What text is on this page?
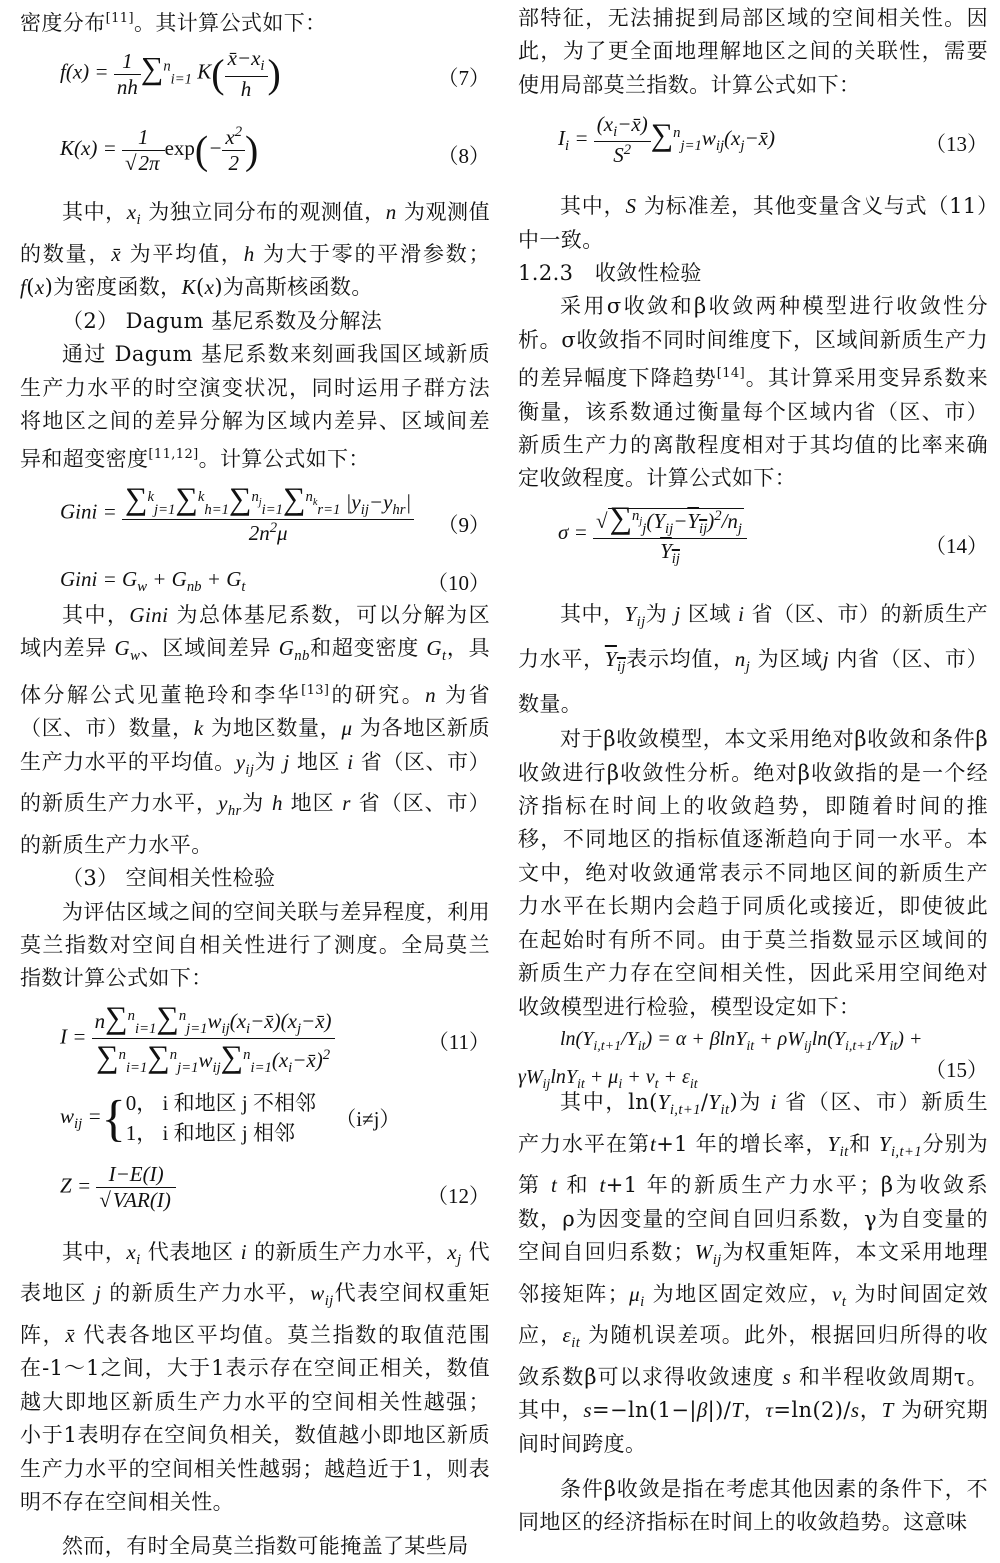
密度分布[11]。其计算公式如下：

$f(x) = \frac{1}{nh} \sum^n_{i=1}$ $K( \frac{x̄-x_i}{h}$ )	（7）
$K(x) = \frac{1}{√2\pi} \exp(- \frac{x^2}{2}$ )	（8）

其中，$x_i$ 为独立同分布的观测值，n 为观测值的数量，x̄ 为平均值，h 为大于零的平滑参数；f(x)为密度函数，K(x)为高斯核函数。

（2） Dagum 基尼系数及分解法

通过 Dagum 基尼系数来刻画我国区域新质生产力水平的时空演变状况，同时运用子群方法将地区之间的差异分解为区域内差异、区域间差异和超变密度[11,12]。计算公式如下：

Gini = $\frac{\sum^k_{j=1}\sum^k_{h=1}\sum^{n_j}_{i=1}\sum^{n_k}_{r=1} |y_{ij}-y_{hr}|}{2n^2\mu} (9)$
Gini = $G_w + G_{nb} + G_t$	（10）

其中，Gini 为总体基尼系数，可以分解为区域内差异 $G_w$、区域间差异 $G_{nb}$和超变密度 $G_t$，具体分解公式见董艳玲和李华[13]的研究。n 为省（区、市）数量，k 为地区数量，μ 为各地区新质生产力水平的平均值。$y_{ij}$为 j 地区 i 省（区、市）的新质生产力水平，$y_{hr}$为 h 地区 r 省（区、市）的新质生产力水平。

（3） 空间相关性检验

为评估区域之间的空间关联与差异程度，利用莫兰指数对空间自相关性进行了测度。全局莫兰指数计算公式如下：

$I = \frac{n\sum^n_{i=1}\sum^n_{j=1}w_{ij}(x_i-x̄)(x_j-x̄)}{\sum^n_{i=1}\sum^n_{j=1}w_{ij}\sum^n_{i=1}(x_i-x̄)^2}$	（11）
$w_{ij}$ ={ 0， i 和地区 j 不相邻
1， i 和地区 j 相邻
（i≠j）
$Z = \frac{I-E(I)}{\text{√VAR(I)}}$	（12）

其中，$x_i$ 代表地区 i 的新质生产力水平，$x_j$ 代表地区 j 的新质生产力水平，$w_{ij}$代表空间权重矩阵，x̄ 代表各地区平均值。莫兰指数的取值范围在-1～1之间，大于1表示存在空间正相关，数值越大即地区新质生产力水平的空间相关性越强；小于1表明存在空间负相关，数值越小即地区新质生产力水平的空间相关性越弱；越趋近于1，则表明不存在空间相关性。

然而，有时全局莫兰指数可能掩盖了某些局

部特征，无法捕捉到局部区域的空间相关性。因此，为了更全面地理解地区之间的关联性，需要使用局部莫兰指数。计算公式如下：

$I_i = \frac{(x_i-x̄)}{S^2}$ $\sum^n_{j=1}w_{ij}(x_j-x̄)$	（13）

其中，S 为标准差，其他变量含义与式（11）中一致。

1.2.3　收敛性检验

采用σ收敛和β收敛两种模型进行收敛性分析。σ收敛指不同时间维度下，区域间新质生产力的差异幅度下降趋势[14]。其计算采用变异系数来衡量，该系数通过衡量每个区域内省（区、市）新质生产力的离散程度相对于其均值的比率来确定收敛程度。计算公式如下：

$\sigma = \frac{√\sum^{n_j}_j(Y_{ij}-Y_{ij})^2/n_j}{Y_{ij}}$	（14）

其中，$Y_{ij}$为 j 区域 i 省（区、市）的新质生产力水平，$Y_{ij}$表示均值，$n_j$ 为区域j 内省（区、市）数量。

对于β收敛模型，本文采用绝对β收敛和条件β收敛进行β收敛性分析。绝对β收敛指的是一个经济指标在时间上的收敛趋势，即随着时间的推移，不同地区的指标值逐渐趋向于同一水平。本文中，绝对收敛通常表示不同地区间的新质生产力水平在长期内会趋于同质化或接近，即使彼此在起始时有所不同。由于莫兰指数显示区域间的新质生产力存在空间相关性，因此采用空间绝对收敛模型进行检验，模型设定如下：

$\ln(Y_{i,t+1}/Y_{it}) = \alpha + \beta\ln Y_{it} + \rho W_{ij}\ln(Y_{i,t+1}/Y_{it})$ +
$\gamma W_{ij}\ln Y_{it} + \mu_i + v_t + \varepsilon_{it}$
（15）

其中，$\ln(Y_{i,t+1}/Y_{it})$为 i 省（区、市）新质生产力水平在第t+1 年的增长率，$Y_{it}$和 $Y_{i,t+1}$分别为第 t 和 t+1 年的新质生产力水平；β为收敛系数，ρ为因变量的空间自回归系数，γ为自变量的空间自回归系数；$W_{ij}$为权重矩阵，本文采用地理邻接矩阵；$\mu_i$ 为地区固定效应，$v_t$ 为时间固定效应，$\varepsilon_{it}$ 为随机误差项。此外，根据回归所得的收敛系数β可以求得收敛速度 s 和半程收敛周期τ。其中，s=−ln(1−|β|)/T，τ=ln(2)/s，T 为研究期间时间跨度。

条件β收敛是指在考虑其他因素的条件下，不同地区的经济指标在时间上的收敛趋势。这意味
